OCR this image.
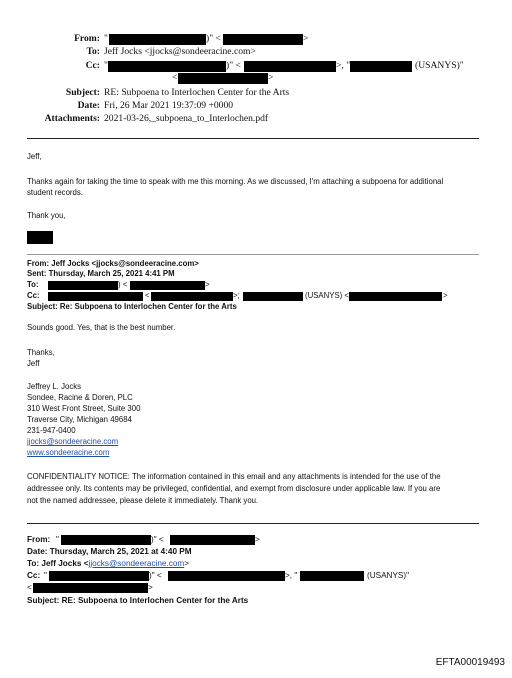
From: "	)" <	>
To: Jeff Jocks <jjocks@sondeeracine.com>
Cc: "	)" <	>, "	(USANYS)"
<	>
Subject: RE: Subpoena to Interlochen Center for the Arts
Date: Fri, 26 Mar 2021 19:37:09 +0000
Attachments: 2021-03-26,_subpoena_to_Interlochen.pdf
Jeff,
Thanks again for taking the time to speak with me this morning. As we discussed, I'm attaching a subpoena for additional
student records.
Thank you,
From: Jeff Jocks <jjocks@sondeeracine.com>
Sent: Thursday, March 25, 2021 4:41 PM
To:	) <	>
Cc:	<	>;	(USANYS) <	>
Subject: Re: Subpoena to Interlochen Center for the Arts
Sounds good. Yes, that is the best number.
Thanks,
Jeff
Jeffrey L. Jocks
Sondee, Racine & Doren, PLC
310 West Front Street, Suite 300
Traverse City, Michigan 49684
231-947-0400
jjocks@sondeeracine.com
www.sondeeracine.com
CONFIDENTIALITY NOTICE: The information contained in this email and any attachments is intended for the use of the
addressee only. Its contents may be privileged, confidential, and exempt from disclosure under applicable law. If you are
not the named addressee, please delete it immediately. Thank you.
From: "	)" <	>
Date: Thursday, March 25, 2021 at 4:40 PM
To: Jeff Jocks <jjocks@sondeeracine.com>
Cc: "	)" <	>, "	(USANYS)"
<	>
Subject: RE: Subpoena to Interlochen Center for the Arts
EFTA00019493
